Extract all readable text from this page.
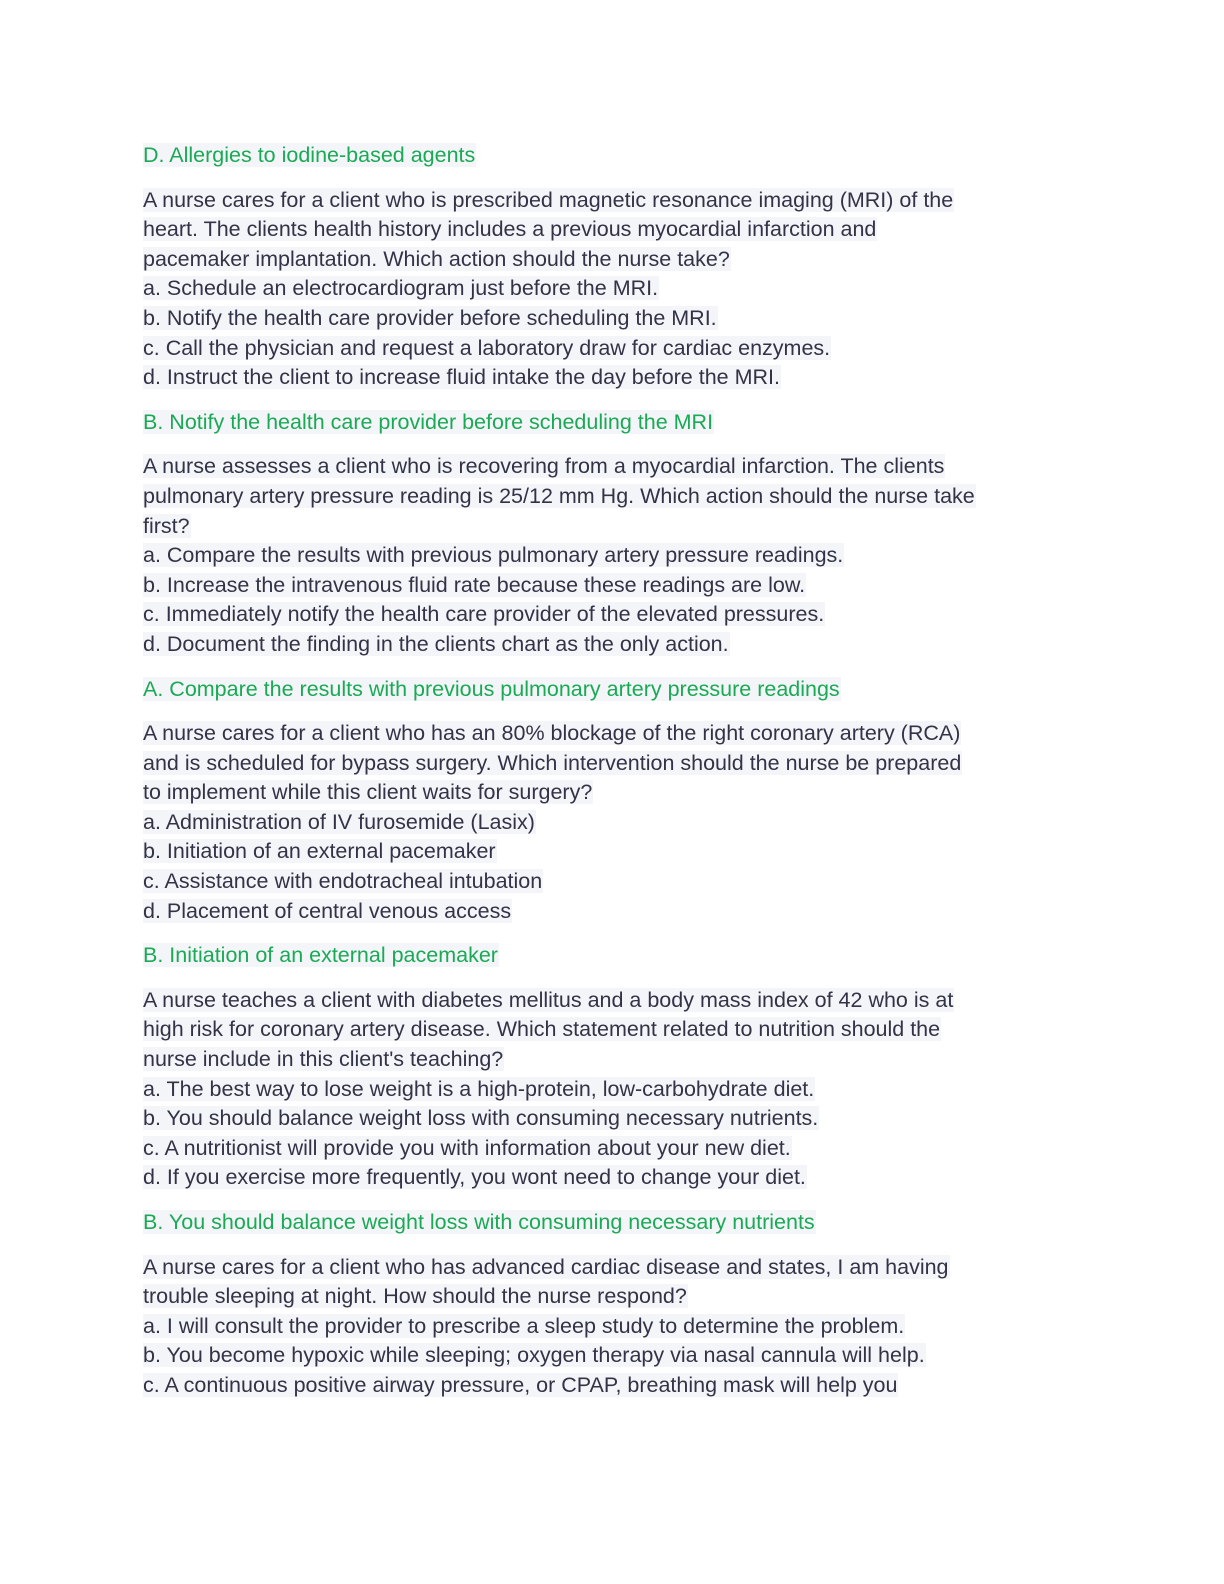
D. Allergies to iodine-based agents
A nurse cares for a client who is prescribed magnetic resonance imaging (MRI) of the
heart. The clients health history includes a previous myocardial infarction and
pacemaker implantation. Which action should the nurse take?
a. Schedule an electrocardiogram just before the MRI.
b. Notify the health care provider before scheduling the MRI.
c. Call the physician and request a laboratory draw for cardiac enzymes.
d. Instruct the client to increase fluid intake the day before the MRI.
B. Notify the health care provider before scheduling the MRI
A nurse assesses a client who is recovering from a myocardial infarction. The clients
pulmonary artery pressure reading is 25/12 mm Hg. Which action should the nurse take
first?
a. Compare the results with previous pulmonary artery pressure readings.
b. Increase the intravenous fluid rate because these readings are low.
c. Immediately notify the health care provider of the elevated pressures.
d. Document the finding in the clients chart as the only action.
A. Compare the results with previous pulmonary artery pressure readings
A nurse cares for a client who has an 80% blockage of the right coronary artery (RCA)
and is scheduled for bypass surgery. Which intervention should the nurse be prepared
to implement while this client waits for surgery?
a. Administration of IV furosemide (Lasix)
b. Initiation of an external pacemaker
c. Assistance with endotracheal intubation
d. Placement of central venous access
B. Initiation of an external pacemaker
A nurse teaches a client with diabetes mellitus and a body mass index of 42 who is at
high risk for coronary artery disease. Which statement related to nutrition should the
nurse include in this client's teaching?
a. The best way to lose weight is a high-protein, low-carbohydrate diet.
b. You should balance weight loss with consuming necessary nutrients.
c. A nutritionist will provide you with information about your new diet.
d. If you exercise more frequently, you wont need to change your diet.
B. You should balance weight loss with consuming necessary nutrients
A nurse cares for a client who has advanced cardiac disease and states, I am having
trouble sleeping at night. How should the nurse respond?
a. I will consult the provider to prescribe a sleep study to determine the problem.
b. You become hypoxic while sleeping; oxygen therapy via nasal cannula will help.
c. A continuous positive airway pressure, or CPAP, breathing mask will help you
